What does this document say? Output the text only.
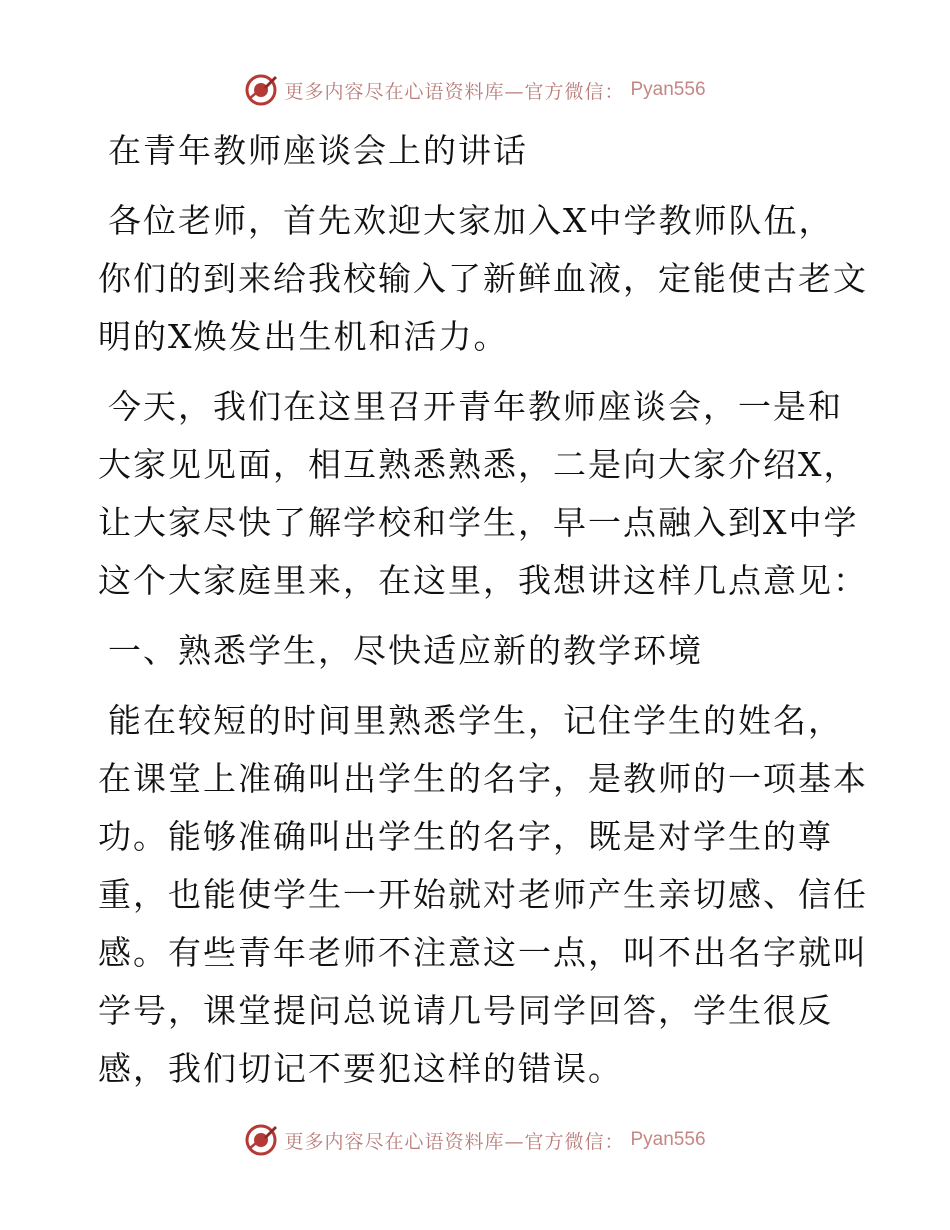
更多内容尽在心语资料库—官方微信： Pyan556
在青年教师座谈会上的讲话
各位老师，首先欢迎大家加入X中学教师队伍，
你们的到来给我校输入了新鲜血液，定能使古老文
明的X焕发出生机和活力。
今天，我们在这里召开青年教师座谈会，一是和
大家见见面，相互熟悉熟悉，二是向大家介绍X，
让大家尽快了解学校和学生，早一点融入到X中学
这个大家庭里来，在这里，我想讲这样几点意见：
一、熟悉学生，尽快适应新的教学环境
能在较短的时间里熟悉学生，记住学生的姓名，
在课堂上准确叫出学生的名字，是教师的一项基本
功。能够准确叫出学生的名字，既是对学生的尊
重，也能使学生一开始就对老师产生亲切感、信任
感。有些青年老师不注意这一点，叫不出名字就叫
学号，课堂提问总说请几号同学回答，学生很反
感，我们切记不要犯这样的错误。
更多内容尽在心语资料库—官方微信： Pyan556
